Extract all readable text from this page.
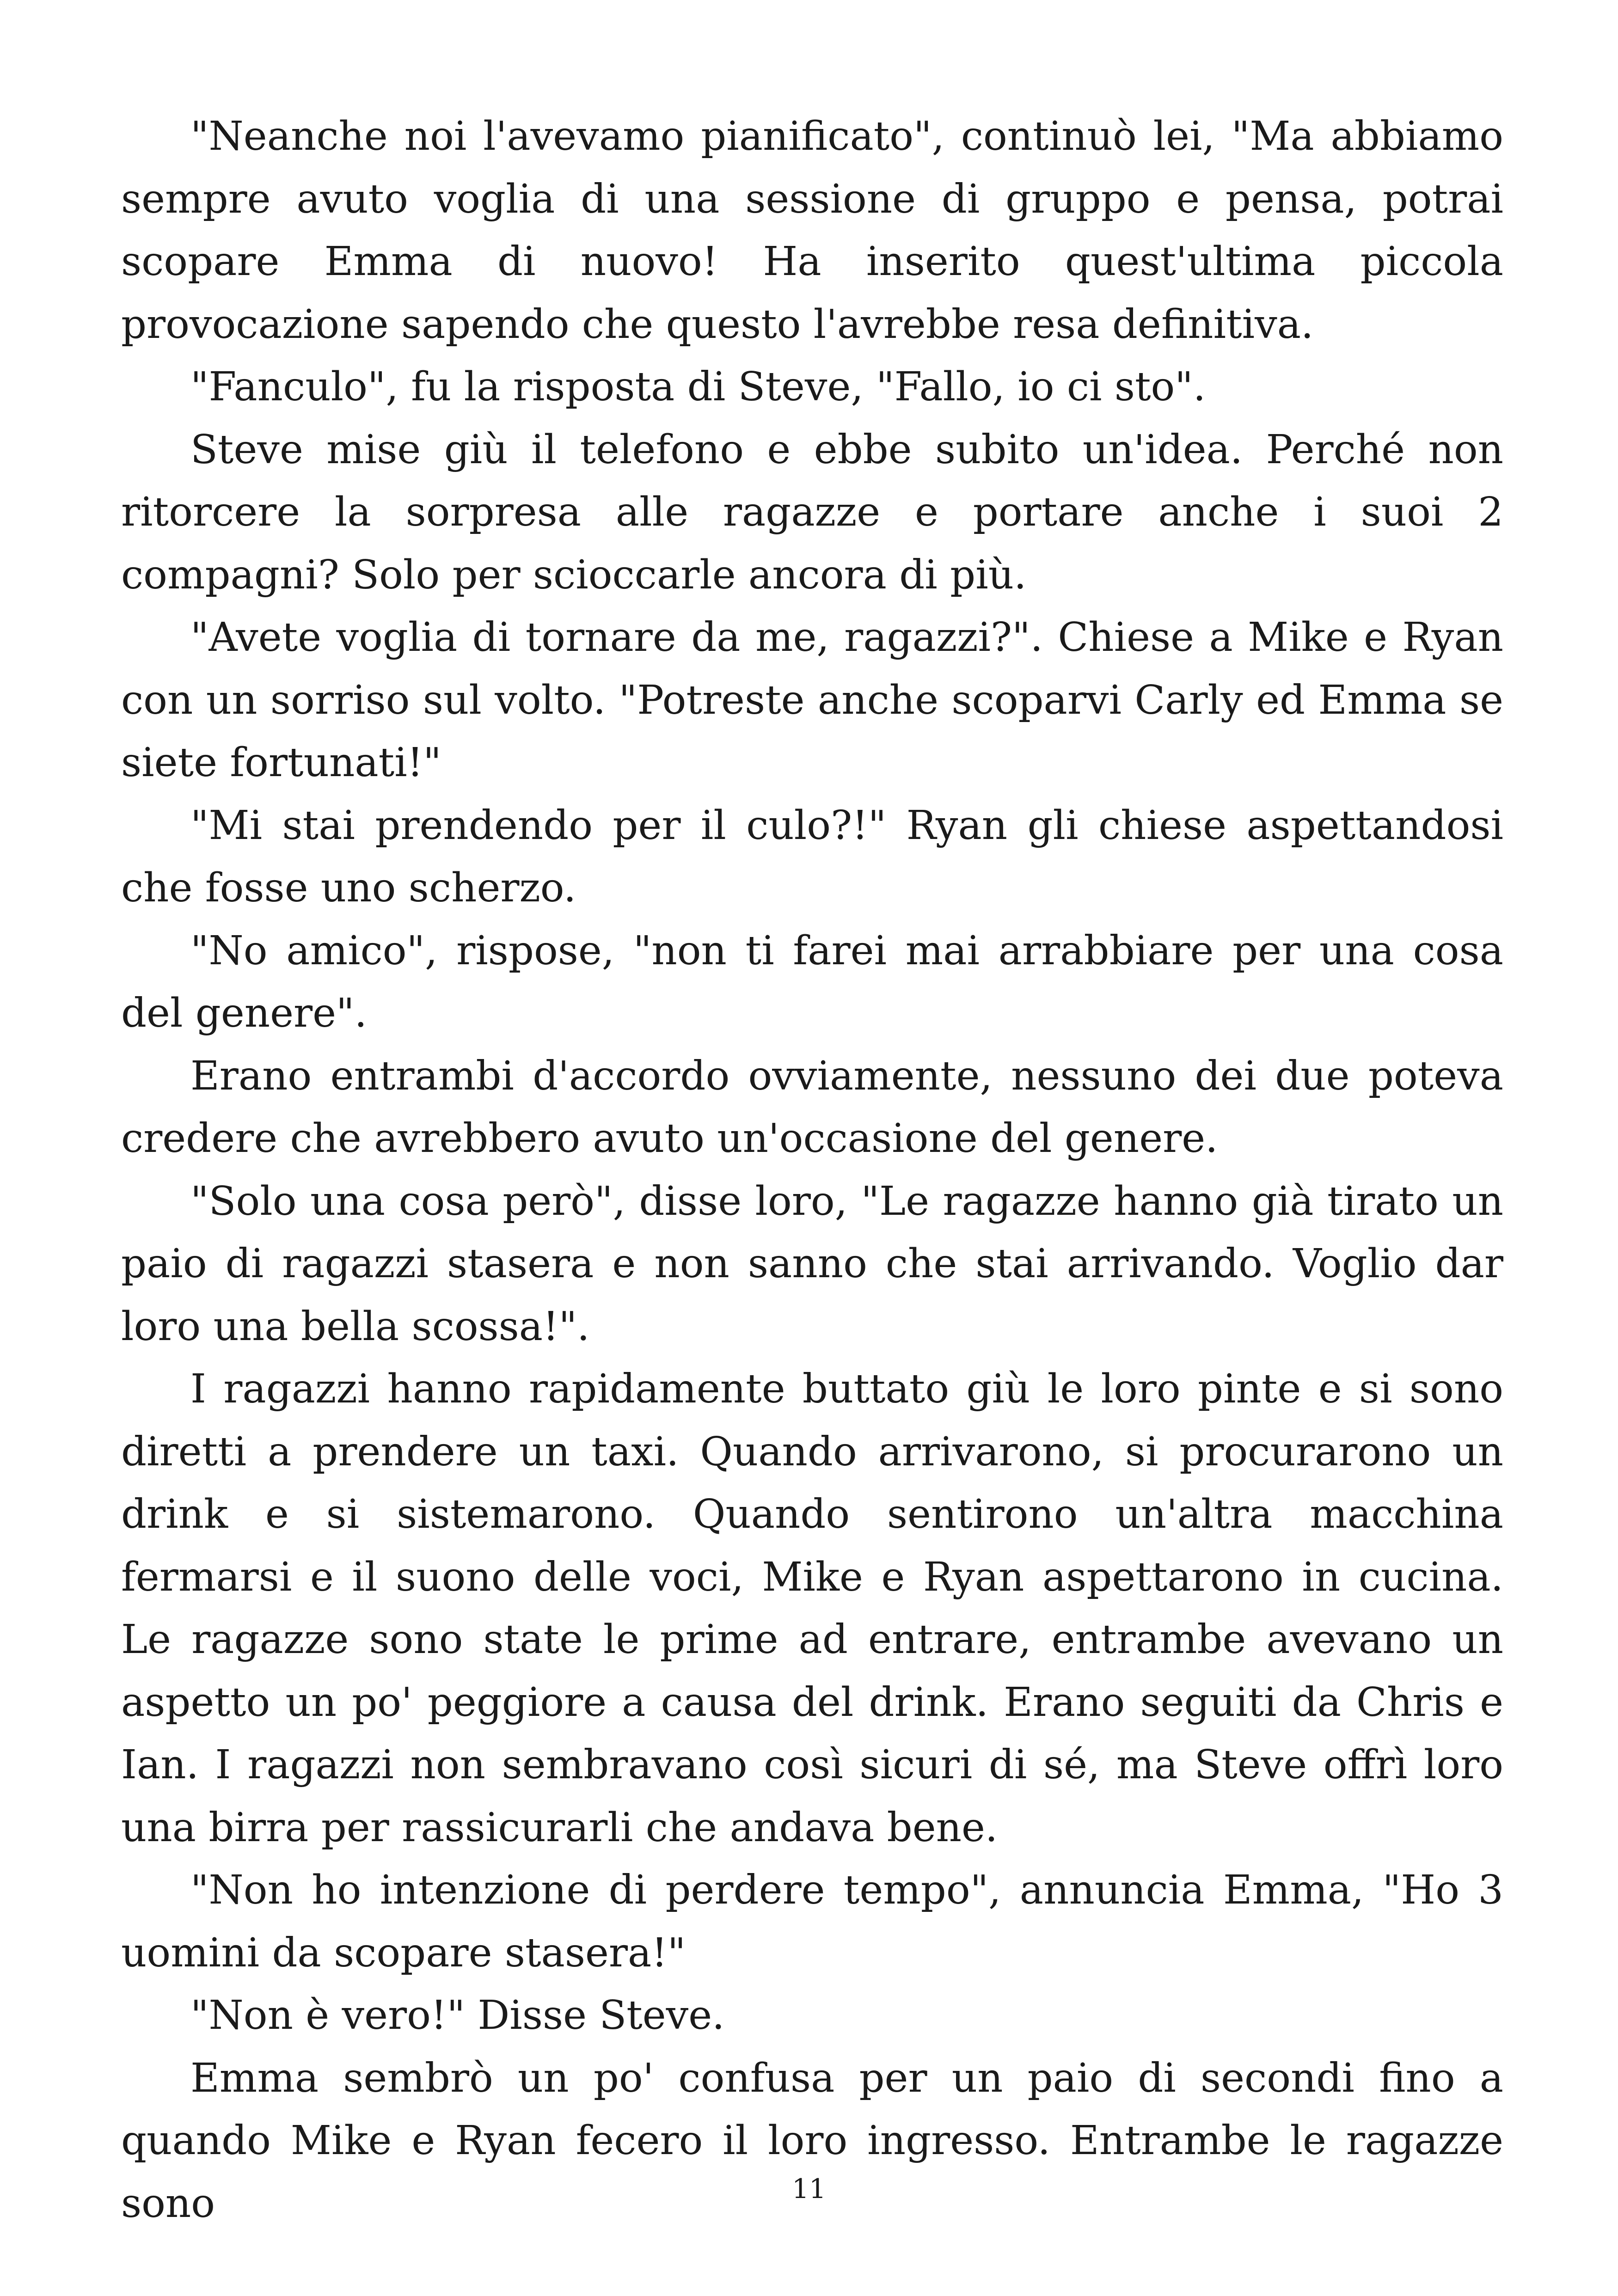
"Neanche noi l'avevamo pianificato", continuò lei, "Ma abbiamo sempre avuto voglia di una sessione di gruppo e pensa, potrai scopare Emma di nuovo! Ha inserito quest'ultima piccola provocazione sapendo che questo l'avrebbe resa definitiva.

"Fanculo", fu la risposta di Steve, "Fallo, io ci sto".

Steve mise giù il telefono e ebbe subito un'idea. Perché non ritorcere la sorpresa alle ragazze e portare anche i suoi 2 compagni? Solo per scioccarle ancora di più.

"Avete voglia di tornare da me, ragazzi?". Chiese a Mike e Ryan con un sorriso sul volto. "Potreste anche scoparvi Carly ed Emma se siete fortunati!"

"Mi stai prendendo per il culo?!" Ryan gli chiese aspettandosi che fosse uno scherzo.

"No amico", rispose, "non ti farei mai arrabbiare per una cosa del genere".

Erano entrambi d'accordo ovviamente, nessuno dei due poteva credere che avrebbero avuto un'occasione del genere.

"Solo una cosa però", disse loro, "Le ragazze hanno già tirato un paio di ragazzi stasera e non sanno che stai arrivando. Voglio dar loro una bella scossa!".

I ragazzi hanno rapidamente buttato giù le loro pinte e si sono diretti a prendere un taxi. Quando arrivarono, si procurarono un drink e si sistemarono. Quando sentirono un'altra macchina fermarsi e il suono delle voci, Mike e Ryan aspettarono in cucina. Le ragazze sono state le prime ad entrare, entrambe avevano un aspetto un po' peggiore a causa del drink. Erano seguiti da Chris e Ian. I ragazzi non sembravano così sicuri di sé, ma Steve offrì loro una birra per rassicurarli che andava bene.

"Non ho intenzione di perdere tempo", annuncia Emma, "Ho 3 uomini da scopare stasera!"

"Non è vero!" Disse Steve.

Emma sembrò un po' confusa per un paio di secondi fino a quando Mike e Ryan fecero il loro ingresso. Entrambe le ragazze sono	11
